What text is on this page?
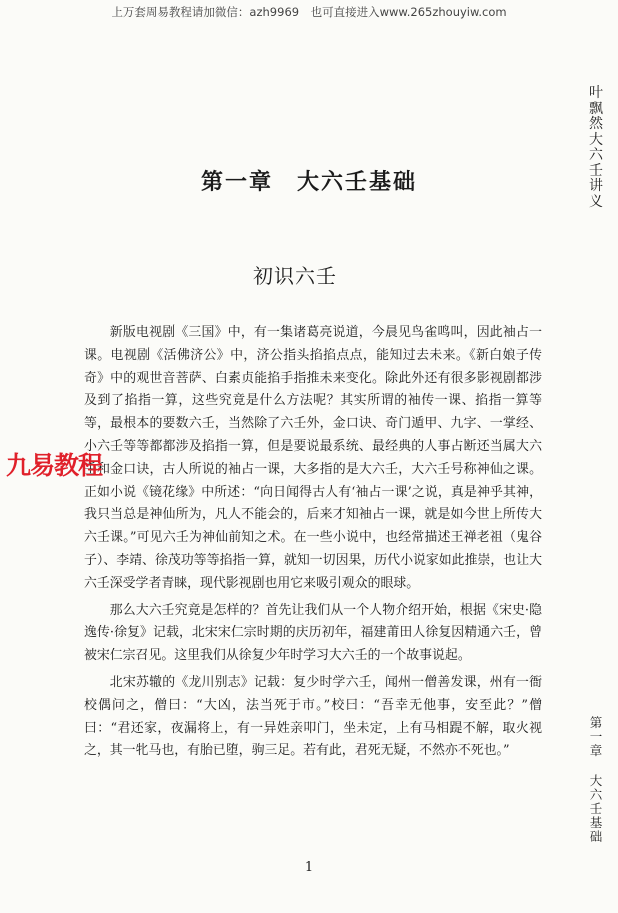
上万套周易教程请加微信：azh9969　也可直接进入www.265zhouyiw.com
叶
飘
然
大
六
壬
讲
义
第
一
章
大
六
壬
基
础
第一章　大六壬基础
初识六壬

新版电视剧《三国》中，有一集诸葛亮说道，今晨见鸟雀鸣叫，因此袖占一课。电视剧《活佛济公》中，济公指头掐掐点点，能知过去未来。《新白娘子传奇》中的观世音菩萨、白素贞能掐手指推未来变化。除此外还有很多影视剧都涉及到了掐指一算，这些究竟是什么方法呢？其实所谓的袖传一课、掐指一算等等，最根本的要数六壬，当然除了六壬外，金口诀、奇门遁甲、九字、一掌经、小六壬等等都都涉及掐指一算，但是要说最系统、最经典的人事占断还当属大六壬和金口诀，古人所说的袖占一课，大多指的是大六壬，大六壬号称神仙之课。正如小说《镜花缘》中所述：“向日闻得古人有‘袖占一课’之说，真是神乎其神，我只当总是神仙所为，凡人不能会的，后来才知袖占一课，就是如今世上所传大六壬课。”可见六壬为神仙前知之术。在一些小说中，也经常描述王禅老祖（鬼谷子）、李靖、徐茂功等等掐指一算，就知一切因果，历代小说家如此推崇，也让大六壬深受学者青睐，现代影视剧也用它来吸引观众的眼球。

那么大六壬究竟是怎样的？首先让我们从一个人物介绍开始，根据《宋史·隐逸传·徐复》记载，北宋宋仁宗时期的庆历初年，福建莆田人徐复因精通六壬，曾被宋仁宗召见。这里我们从徐复少年时学习大六壬的一个故事说起。

北宋苏辙的《龙川别志》记载：复少时学六壬，闻州一僧善发课，州有一衙校偶问之，僧曰：“大凶，法当死于市。”校曰：“吾幸无他事，安至此？”僧曰：“君还家，夜漏将上，有一异姓亲叩门，坐未定，上有马相踶不解，取火视之，其一牝马也，有胎已堕，驹三足。若有此，君死无疑，不然亦不死也。”

九易教程
1
